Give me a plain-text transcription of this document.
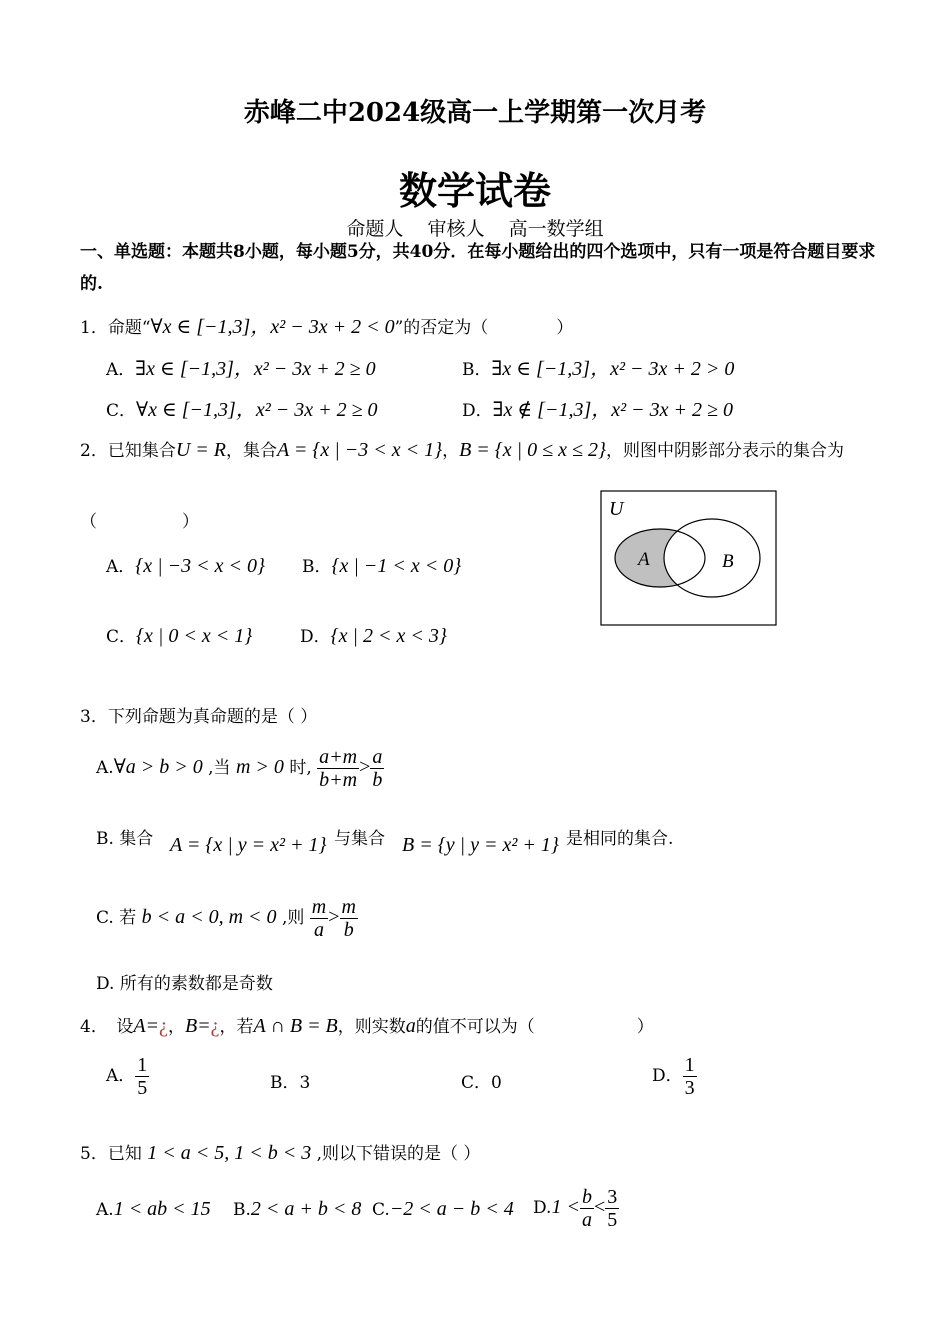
赤峰二中2024级高一上学期第一次月考
数学试卷
命题人    审核人    高一数学组
一、单选题：本题共8小题，每小题5分，共40分．在每小题给出的四个选项中，只有一项是符合题目要求的.
1．命题“∀x ∈ [−1,3]，x² − 3x + 2 < 0”的否定为（　　　　）
A．∃x ∈ [−1,3]，x² − 3x + 2 ≥ 0	B．∃x ∈ [−1,3]，x² − 3x + 2 > 0
C．∀x ∈ [−1,3]，x² − 3x + 2 ≥ 0	D．∃x ∉ [−1,3]，x² − 3x + 2 ≥ 0
2．已知集合U = R，集合A = {x | −3 < x < 1}，B = {x | 0 ≤ x ≤ 2}，则图中阴影部分表示的集合为
（　　　　　）
A．{x | −3 < x < 0} B．{x | −1 < x < 0}
C．{x | 0 < x < 1}	D．{x | 2 < x < 3}
U
A	B
3．下列命题为真命题的是（ ）
A.∀a > b > 0 ,当 m > 0 时, $\frac{a+m}{b+m} > \frac{a}{b}$
B. 集合 A = {x | y = x² + 1} 与集合 B = {y | y = x² + 1} 是相同的集合.
C. 若 b < a < 0, m < 0 ,则 $\frac{m}{a} > \frac{m}{b}$
D. 所有的素数都是奇数
4．　设A=¿，B=¿，若A ∩ B = B，则实数a的值不可以为（　　　　　　）
A． $\frac{1}{5}$	B．3	C．0	D． $\frac{1}{3}$
5．已知 1 < a < 5, 1 < b < 3 ,则以下错误的是（ ）
A.1 < ab < 15 B.2 < a + b < 8 C.−2 < a − b < 4 $D.1 < \frac{b}{a} < \frac{3}{5}$
